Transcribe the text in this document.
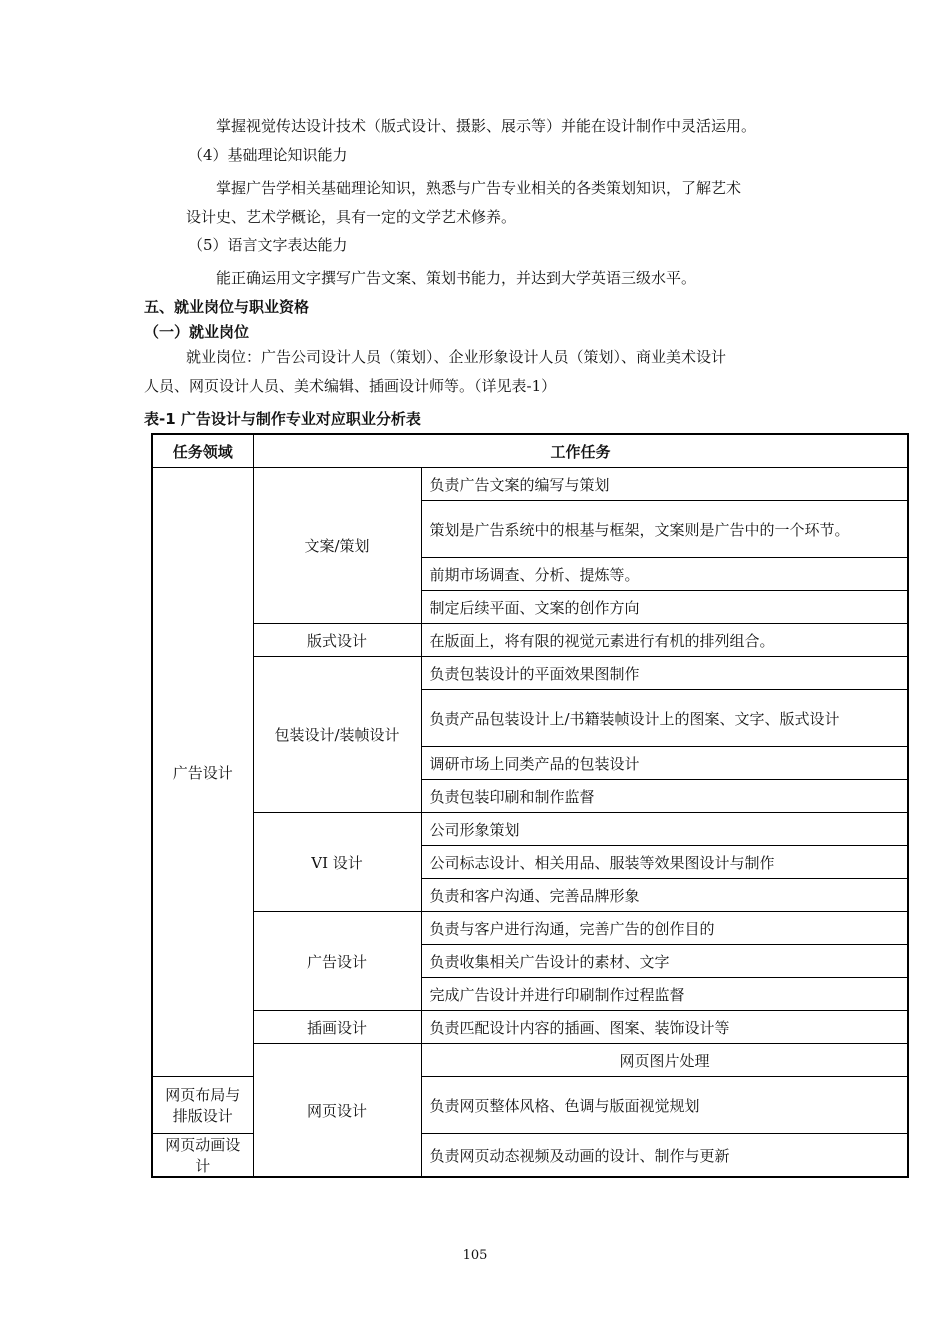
掌握视觉传达设计技术（版式设计、摄影、展示等）并能在设计制作中灵活运用。
（4）基础理论知识能力
掌握广告学相关基础理论知识，熟悉与广告专业相关的各类策划知识，了解艺术
设计史、艺术学概论，具有一定的文学艺术修养。
（5）语言文字表达能力
能正确运用文字撰写广告文案、策划书能力，并达到大学英语三级水平。
五、就业岗位与职业资格
（一）就业岗位
就业岗位：广告公司设计人员（策划）、企业形象设计人员（策划）、商业美术设计
人员、网页设计人员、美术编辑、插画设计师等。（详见表-1）
表-1 广告设计与制作专业对应职业分析表
任务领域	工作任务		
广告设计	文案/策划	负责广告文案的编写与策划	
		策划是广告系统中的根基与框架，文案则是广告中的一个环节。	
		前期市场调查、分析、提炼等。	
		制定后续平面、文案的创作方向	
	版式设计	在版面上，将有限的视觉元素进行有机的排列组合。	
	包装设计/装帧设计	负责包装设计的平面效果图制作	
		负责产品包装设计上/书籍装帧设计上的图案、文字、版式设计	
		调研市场上同类产品的包装设计	
		负责包装印刷和制作监督	
	VI 设计	公司形象策划	
		公司标志设计、相关用品、服装等效果图设计与制作	
		负责和客户沟通、完善品牌形象	
	广告设计	负责与客户进行沟通，完善广告的创作目的	
		负责收集相关广告设计的素材、文字	
		完成广告设计并进行印刷制作过程监督	
	插画设计	负责匹配设计内容的插画、图案、装饰设计等	
	网页设计	网页图片处理	
网页布局与排版设计		负责网页整体风格、色调与版面视觉规划	
网页动画设计		负责网页动态视频及动画的设计、制作与更新	
105
